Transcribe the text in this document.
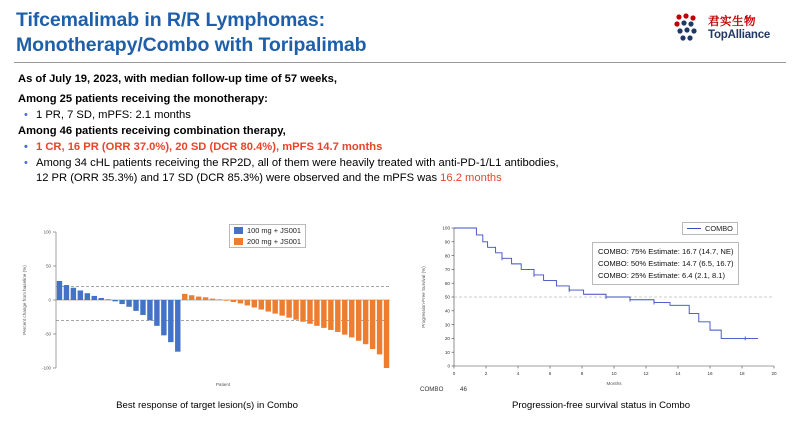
Tifcemalimab in R/R Lymphomas:
Monotherapy/Combo with Toripalimab
君实生物
TopAlliance
As of July 19, 2023, with median follow-up time of 57 weeks,
Among 25 patients receiving the monotherapy:
• 1 PR, 7 SD, mPFS: 2.1 months
Among 46 patients receiving combination therapy,
• 1 CR, 16 PR (ORR 37.0%), 20 SD (DCR 80.4%), mPFS 14.7 months
• Among 34 cHL patients receiving the RP2D, all of them were heavily treated with anti-PD-1/L1 antibodies,
12 PR (ORR 35.3%) and 17 SD (DCR 85.3%) were observed and the mPFS was 16.2 months
100
50
0
-50
-100
Percent change from baseline (%)
Patient
100 mg + JS001
200 mg + JS001
Best response of target lesion(s) in Combo
0
10
20
30
40
50
60
70
80
90
100
0	2	4	6	8	10	12	14	16	18	20
Progression-Free Survival (%)
Months
COMBO
COMBO: 75% Estimate: 16.7 (14.7, NE)
COMBO: 50% Estimate: 14.7 (6.5, 16.7)
COMBO: 25% Estimate: 6.4 (2.1, 8.1)
COMBO	46
Progression-free survival status in Combo
